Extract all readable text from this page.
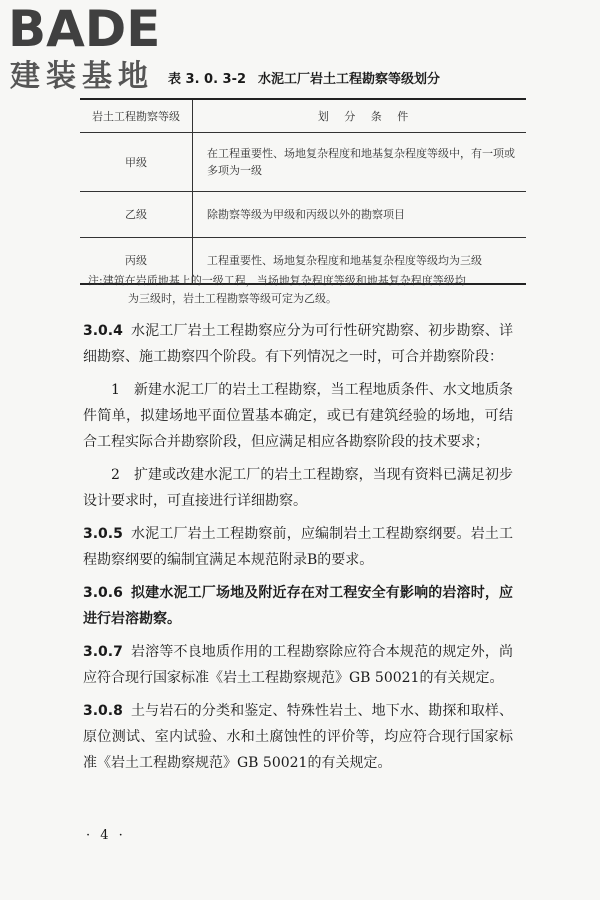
BADE
建装基地 表 3. 0. 3-2 水泥工厂岩土工程勘察等级划分
岩土工程勘察等级	划 分 条 件
甲级	在工程重要性、场地复杂程度和地基复杂程度等级中，有一项或多项为一级
乙级	除勘察等级为甲级和丙级以外的勘察项目
丙级	工程重要性、场地复杂程度和地基复杂程度等级均为三级
注:建筑在岩质地基上的一级工程，当场地复杂程度等级和地基复杂程度等级均
为三级时，岩土工程勘察等级可定为乙级。

3.0.4 水泥工厂岩土工程勘察应分为可行性研究勘察、初步勘察、详细勘察、施工勘察四个阶段。有下列情况之一时，可合并勘察阶段：

1　新建水泥工厂的岩土工程勘察，当工程地质条件、水文地质条件简单，拟建场地平面位置基本确定，或已有建筑经验的场地，可结合工程实际合并勘察阶段，但应满足相应各勘察阶段的技术要求；

2　扩建或改建水泥工厂的岩土工程勘察，当现有资料已满足初步设计要求时，可直接进行详细勘察。

3.0.5 水泥工厂岩土工程勘察前，应编制岩土工程勘察纲要。岩土工程勘察纲要的编制宜满足本规范附录B的要求。

3.0.6 拟建水泥工厂场地及附近存在对工程安全有影响的岩溶时，应进行岩溶勘察。

3.0.7 岩溶等不良地质作用的工程勘察除应符合本规范的规定外，尚应符合现行国家标准《岩土工程勘察规范》GB 50021的有关规定。

3.0.8 土与岩石的分类和鉴定、特殊性岩土、地下水、勘探和取样、原位测试、室内试验、水和土腐蚀性的评价等，均应符合现行国家标准《岩土工程勘察规范》GB 50021的有关规定。

· 4 ·
